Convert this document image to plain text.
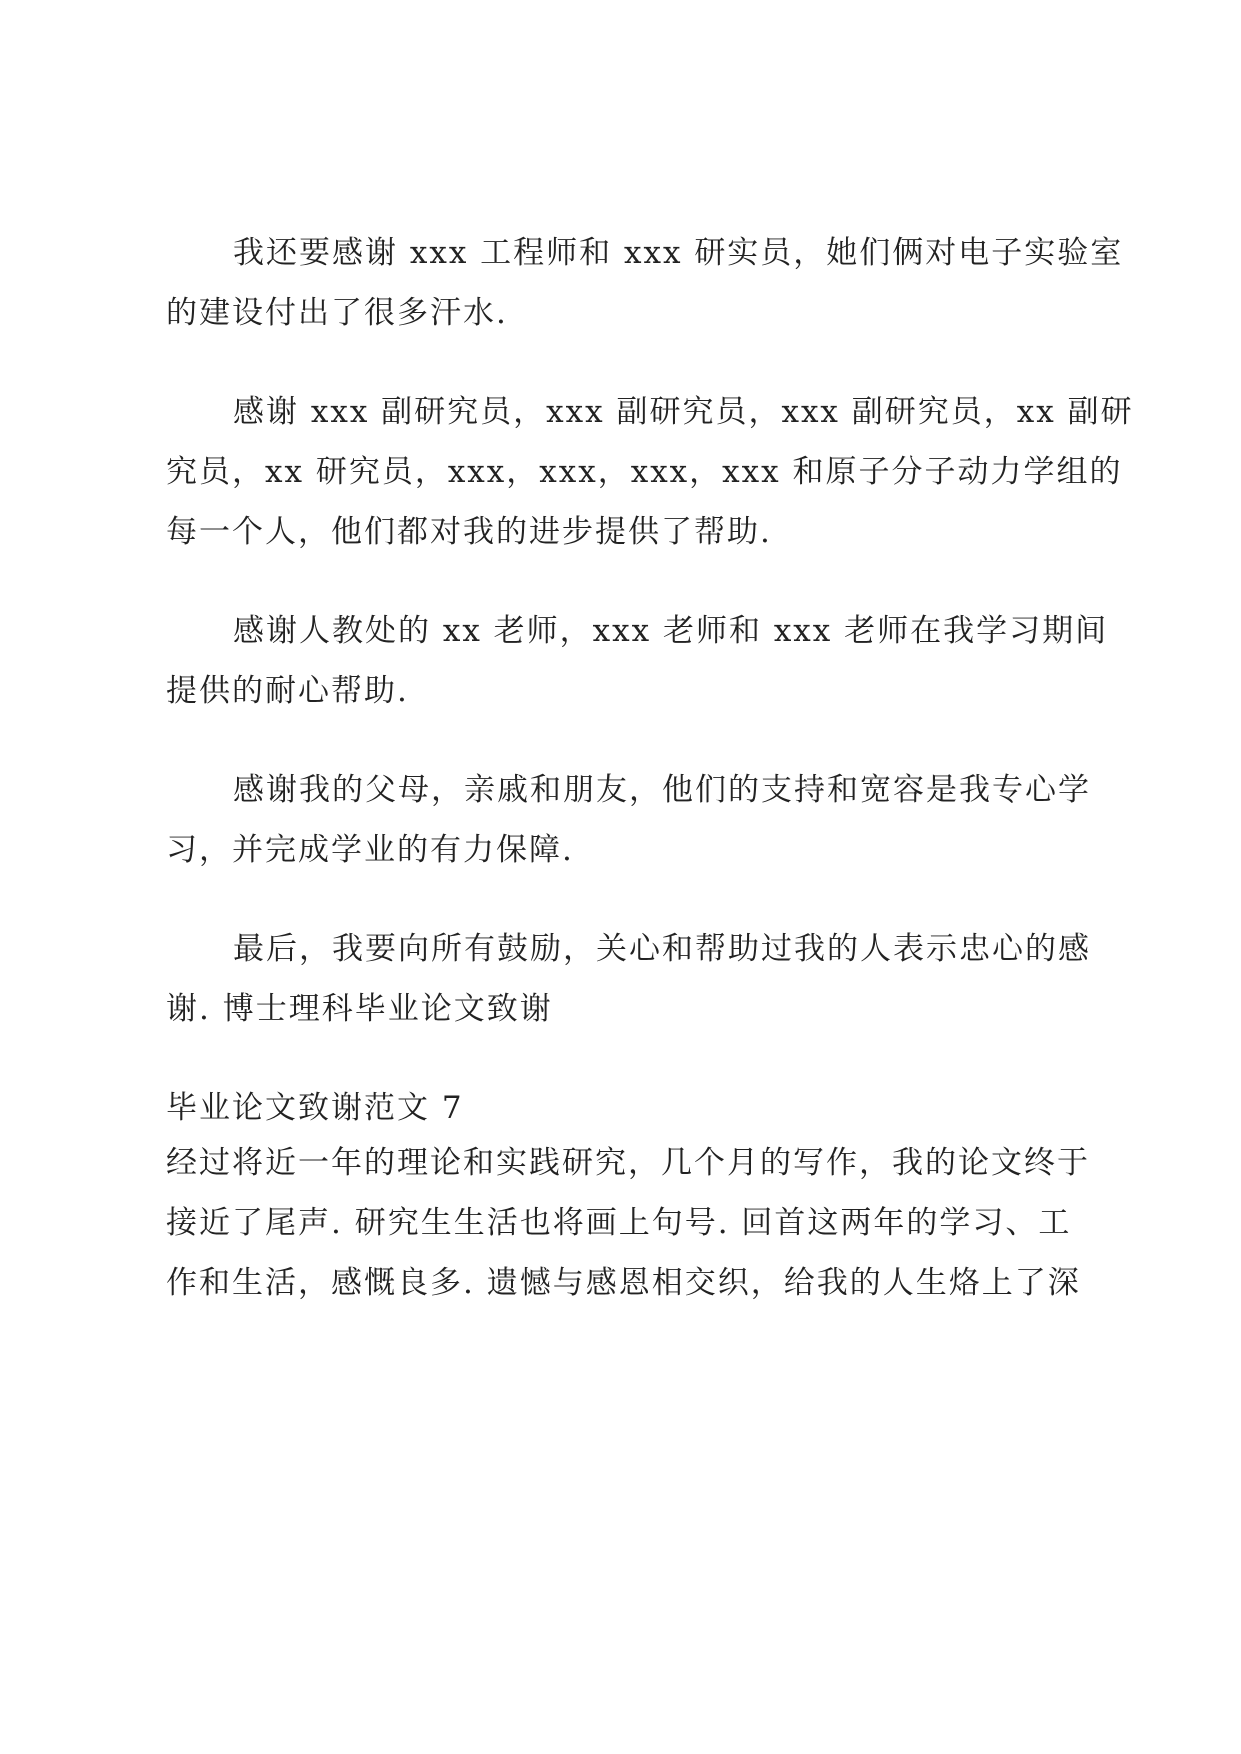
我还要感谢 xxx 工程师和 xxx 研实员，她们俩对电子实验室
的建设付出了很多汗水.
感谢 xxx 副研究员，xxx 副研究员，xxx 副研究员，xx 副研
究员，xx 研究员，xxx，xxx，xxx，xxx 和原子分子动力学组的
每一个人，他们都对我的进步提供了帮助.
感谢人教处的 xx 老师，xxx 老师和 xxx 老师在我学习期间
提供的耐心帮助.
感谢我的父母，亲戚和朋友，他们的支持和宽容是我专心学
习，并完成学业的有力保障.
最后，我要向所有鼓励，关心和帮助过我的人表示忠心的感
谢. 博士理科毕业论文致谢
毕业论文致谢范文 7
经过将近一年的理论和实践研究，几个月的写作，我的论文终于
接近了尾声. 研究生生活也将画上句号. 回首这两年的学习、工
作和生活，感慨良多. 遗憾与感恩相交织，给我的人生烙上了深
